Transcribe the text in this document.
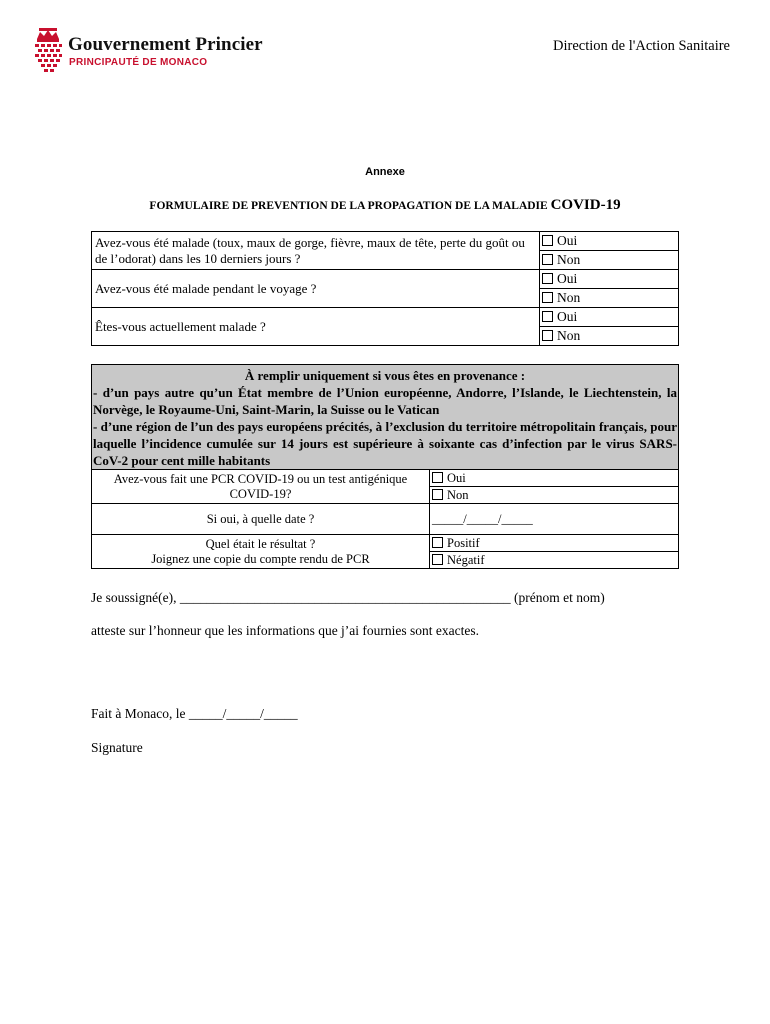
Gouvernement Princier
PRINCIPAUTÉ DE MONACO
Direction de l'Action Sanitaire
Annexe
FORMULAIRE DE PREVENTION DE LA PROPAGATION DE LA MALADIE COVID-19
Avez-vous été malade (toux, maux de gorge, fièvre, maux de tête, perte du goût ou de l’odorat) dans les 10 derniers jours ?	Oui
	Non
Avez-vous été malade pendant le voyage ?	Oui
	Non
Êtes-vous actuellement malade ?	Oui
	Non
À remplir uniquement si vous êtes en provenance :
- d’un pays autre qu’un État membre de l’Union européenne, Andorre, l’Islande, le Liechtenstein, la Norvège, le Royaume-Uni, Saint-Marin, la Suisse ou le Vatican
- d’une région de l’un des pays européens précités, à l’exclusion du territoire métropolitain français, pour laquelle l’incidence cumulée sur 14 jours est supérieure à soixante cas d’infection par le virus SARS-CoV-2 pour cent mille habitants	

Avez-vous fait une PCR COVID-19 ou un test antigénique COVID-19?	Oui
	Non
Si oui, à quelle date ?	_____/_____/_____

Quel était le résultat ?
Joignez une copie du compte rendu de PCR	Positif
	Négatif
Je soussigné(e), _________________________________________________ (prénom et nom)
atteste sur l’honneur que les informations que j’ai fournies sont exactes.
Fait à Monaco, le _____/_____/_____
Signature
